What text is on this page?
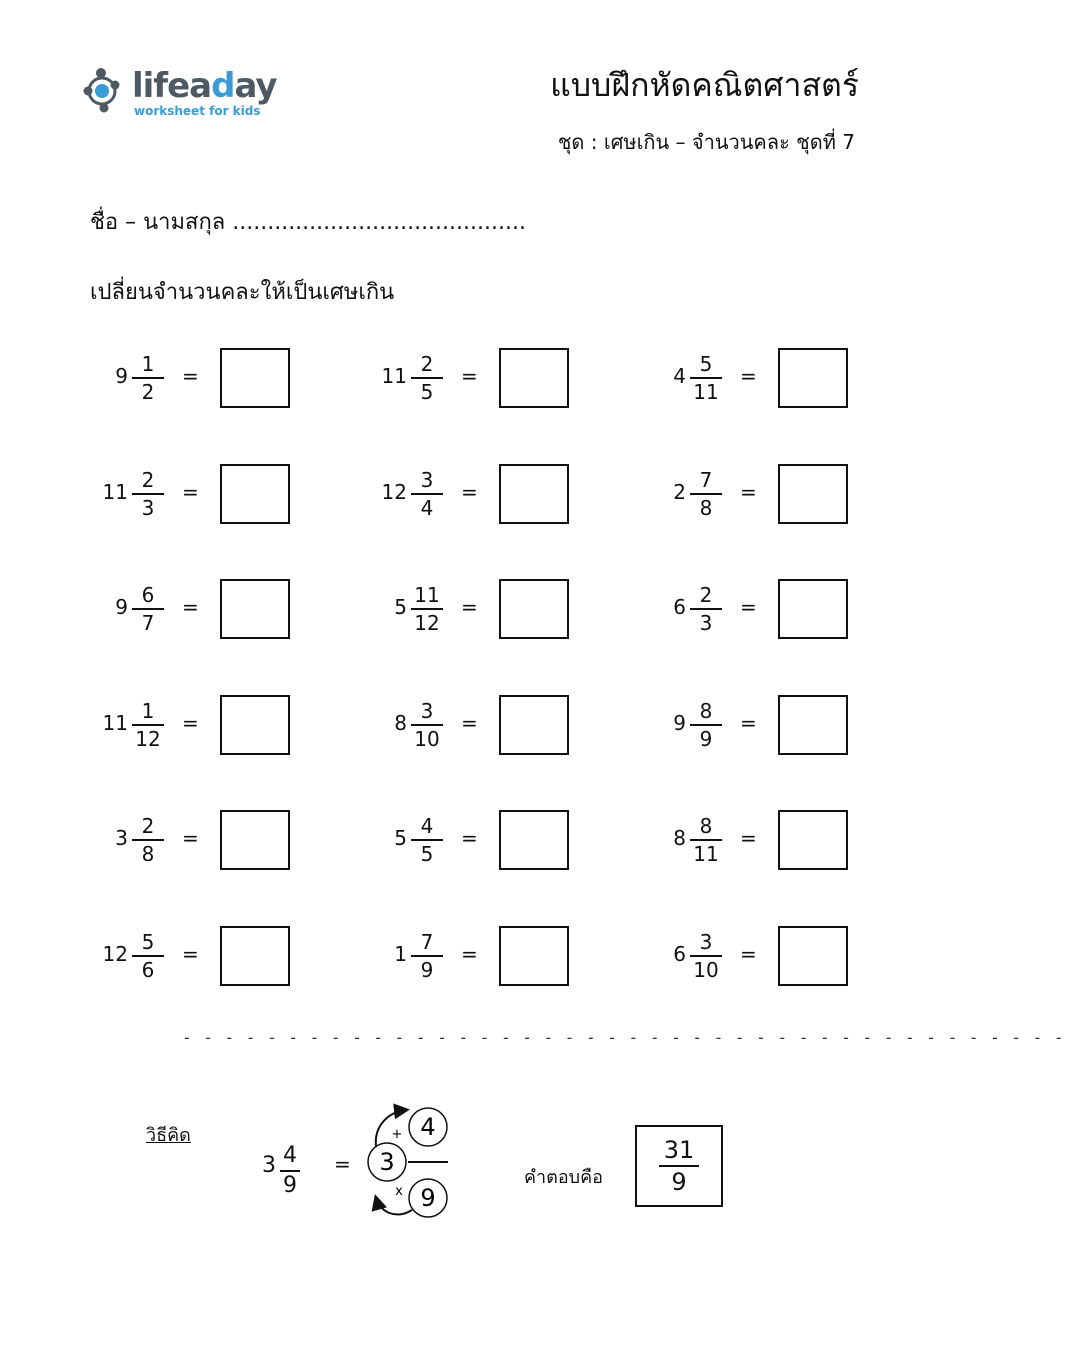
lifeaday
worksheet for kids
แบบฝึกหัดคณิตศาสตร์
ชุด : เศษเกิน – จำนวนคละ ชุดที่ 7
ชื่อ – นามสกุล ..........................................
เปลี่ยนจำนวนคละให้เป็นเศษเกิน
$9 \frac{1}{2}$ =	$11 \frac{2}{5}$ =	$4 \frac{5}{11}$ =
$11 \frac{2}{3}$ =	$12 \frac{3}{4}$ =	$2 \frac{7}{8}$ =
$9 \frac{6}{7}$ =	$5 \frac{11}{12}$ =	$6 \frac{2}{3}$ =
$11 \frac{1}{12}$ =	$8 \frac{3}{10}$ =	$9 \frac{8}{9}$ =
$3 \frac{2}{8}$ =	$5 \frac{4}{5}$ =	$8 \frac{8}{11}$ =
$12 \frac{5}{6}$ =	$1 \frac{7}{9}$ =	$6 \frac{3}{10}$ =
- - - - - - - - - - - - - - - - - - - - - - - - - - - - - - - - - - - - - - - - - -
วิธีคิด
$3 \frac{4}{9}$ =
4
3
9
+
x
คำตอบคือ $\frac{31}{9}$
